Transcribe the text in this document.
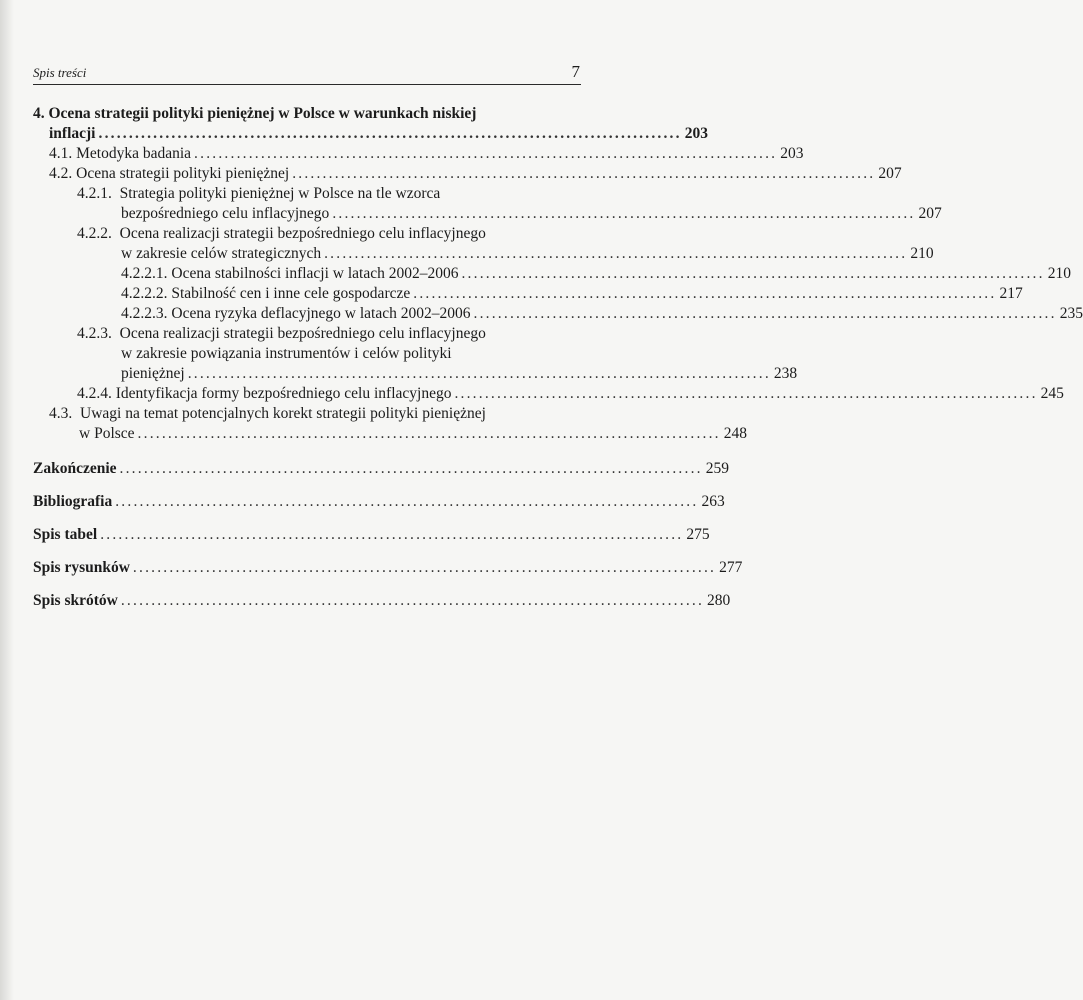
Spis treści	7
4. Ocena strategii polityki pieniężnej w Polsce w warunkach niskiej
inflacji ................................................................................................ 203
4.1.
Metodyka badania ................................................................................................ 203
4.2.
Ocena strategii polityki pieniężnej ................................................................................................ 207
4.2.1. Strategia polityki pieniężnej w Polsce na tle wzorca
bezpośredniego celu inflacyjnego ................................................................................................ 207
4.2.2. Ocena realizacji strategii bezpośredniego celu inflacyjnego
w zakresie celów strategicznych ................................................................................................ 210
4.2.2.1.
Ocena stabilności inflacji w latach 2002–2006 ................................................................................................ 210
4.2.2.2.
Stabilność cen i inne cele gospodarcze ................................................................................................ 217
4.2.2.3.
Ocena ryzyka deflacyjnego w latach 2002–2006 ................................................................................................ 235
4.2.3. Ocena realizacji strategii bezpośredniego celu inflacyjnego
w zakresie powiązania instrumentów i celów polityki
pieniężnej ................................................................................................ 238
4.2.4.
Identyfikacja formy bezpośredniego celu inflacyjnego ................................................................................................ 245
4.3. Uwagi na temat potencjalnych korekt strategii polityki pieniężnej
w Polsce ................................................................................................ 248
Zakończenie ................................................................................................ 259
Bibliografia ................................................................................................ 263
Spis tabel ................................................................................................ 275
Spis rysunków ................................................................................................ 277
Spis skrótów ................................................................................................ 280
